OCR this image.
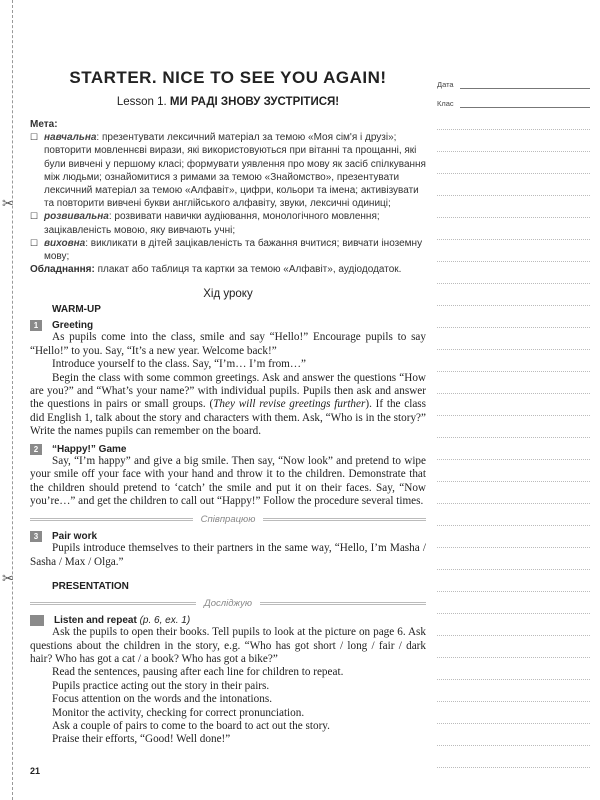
✂
✂
STARTER. NICE TO SEE YOU AGAIN!
Lesson 1. МИ РАДІ ЗНОВУ ЗУСТРІТИСЯ!
Мета:
☐ навчальна: презентувати лексичний матеріал за темою «Моя сім'я і друзі»; повторити мовленнєві вирази, які використовуються при вітанні та прощанні, які були вивчені у першому класі; формувати уявлення про мову як засіб спілкування між людьми; ознайомитися з римами за темою «Знайомство», презентувати лексичний матеріал за темою «Алфавіт», цифри, кольори та імена; активізувати та повторити вивчені букви англійського алфавіту, звуки, лексичні одиниці;
☐ розвивальна: розвивати навички аудіювання, монологічного мовлення; зацікавленість мовою, яку вивчають учні;
☐ виховна: викликати в дітей зацікавленість та бажання вчитися; вивчати іноземну мову;
Обладнання: плакат або таблиця та картки за темою «Алфавіт», аудіододаток.
Хід уроку
WARM-UP
1	Greeting

As pupils come into the class, smile and say “Hello!” Encourage pupils to say “Hello!” to you. Say, “It’s a new year. Welcome back!”

Introduce yourself to the class. Say, “I’m… I’m from…”

Begin the class with some common greetings. Ask and answer the questions “How are you?” and “What’s your name?” with individual pupils. Pupils then ask and answer the questions in pairs or small groups. (They will revise greetings further). If the class did English 1, talk about the story and characters with them. Ask, “Who is in the story?” Write the names pupils can remember on the board.

2	“Happy!” Game

Say, “I’m happy” and give a big smile. Then say, “Now look” and pretend to wipe your smile off your face with your hand and throw it to the children. Demonstrate that the children should pretend to ‘catch’ the smile and put it on their faces. Say, “Now you’re…” and get the children to call out “Happy!” Follow the procedure several times.

Співпрацюю
3	Pair work

Pupils introduce themselves to their partners in the same way, “Hello, I’m Masha / Sasha / Max / Olga.”

PRESENTATION
Досліджую
Listen and repeat
(p. 6, ex. 1)

Ask the pupils to open their books. Tell pupils to look at the picture on page 6. Ask questions about the children in the story, e.g. “Who has got short / long / fair / dark hair? Who has got a cat / a book? Who has got a bike?”

Read the sentences, pausing after each line for children to repeat.

Pupils practice acting out the story in their pairs.

Focus attention on the words and the intonations.

Monitor the activity, checking for correct pronunciation.

Ask a couple of pairs to come to the board to act out the story.

Praise their efforts, “Good! Well done!”

Дата
Клас
21
